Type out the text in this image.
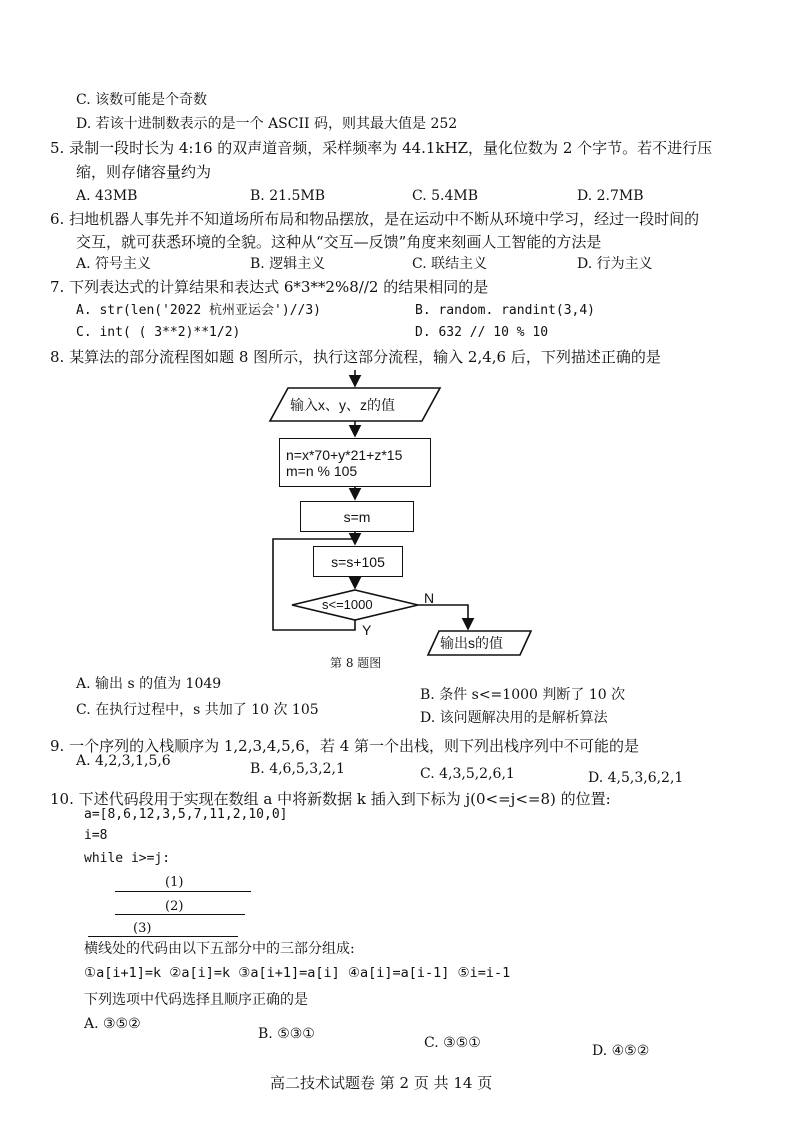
C. 该数可能是个奇数
D. 若该十进制数表示的是一个 ASCII 码，则其最大值是 252
5. 录制一段时长为 4:16 的双声道音频，采样频率为 44.1kHZ，量化位数为 2 个字节。若不进行压
缩，则存储容量约为
A. 43MB	B. 21.5MB	C. 5.4MB	D. 2.7MB
6. 扫地机器人事先并不知道场所布局和物品摆放，是在运动中不断从环境中学习，经过一段时间的
交互，就可获悉环境的全貌。这种从“交互—反馈”角度来刻画人工智能的方法是
A. 符号主义	B. 逻辑主义	C. 联结主义	D. 行为主义
7. 下列表达式的计算结果和表达式 6*3**2%8//2 的结果相同的是
A. str(len('2022 杭州亚运会')//3)	B. random. randint(3,4)
C. int( ( 3**2)**1/2)	D. 632 // 10 % 10
8. 某算法的部分流程图如题 8 图所示，执行这部分流程，输入 2,4,6 后，下列描述正确的是
输入x、y、z的值
n=x*70+y*21+z*15
m=n % 105
s=m
s=s+105
s<=1000	N
Y
输出s的值
第 8 题图
A. 输出 s 的值为 1049
B. 条件 s<=1000 判断了 10 次
C. 在执行过程中，s 共加了 10 次 105	D. 该问题解决用的是解析算法
9. 一个序列的入栈顺序为 1,2,3,4,5,6，若 4 第一个出栈，则下列出栈序列中不可能的是
A. 4,2,3,1,5,6	B. 4,6,5,3,2,1	C. 4,3,5,2,6,1	D. 4,5,3,6,2,1
10. 下述代码段用于实现在数组 a 中将新数据 k 插入到下标为 j(0<=j<=8) 的位置:
a=[8,6,12,3,5,7,11,2,10,0]
i=8
while i>=j:
(1)
(2)
(3)
横线处的代码由以下五部分中的三部分组成:
①a[i+1]=k ②a[i]=k ③a[i+1]=a[i] ④a[i]=a[i-1] ⑤i=i-1
下列选项中代码选择且顺序正确的是
A. ③⑤②
B. ⑤③①
C. ③⑤①	D. ④⑤②
高二技术试题卷 第 2 页 共 14 页
